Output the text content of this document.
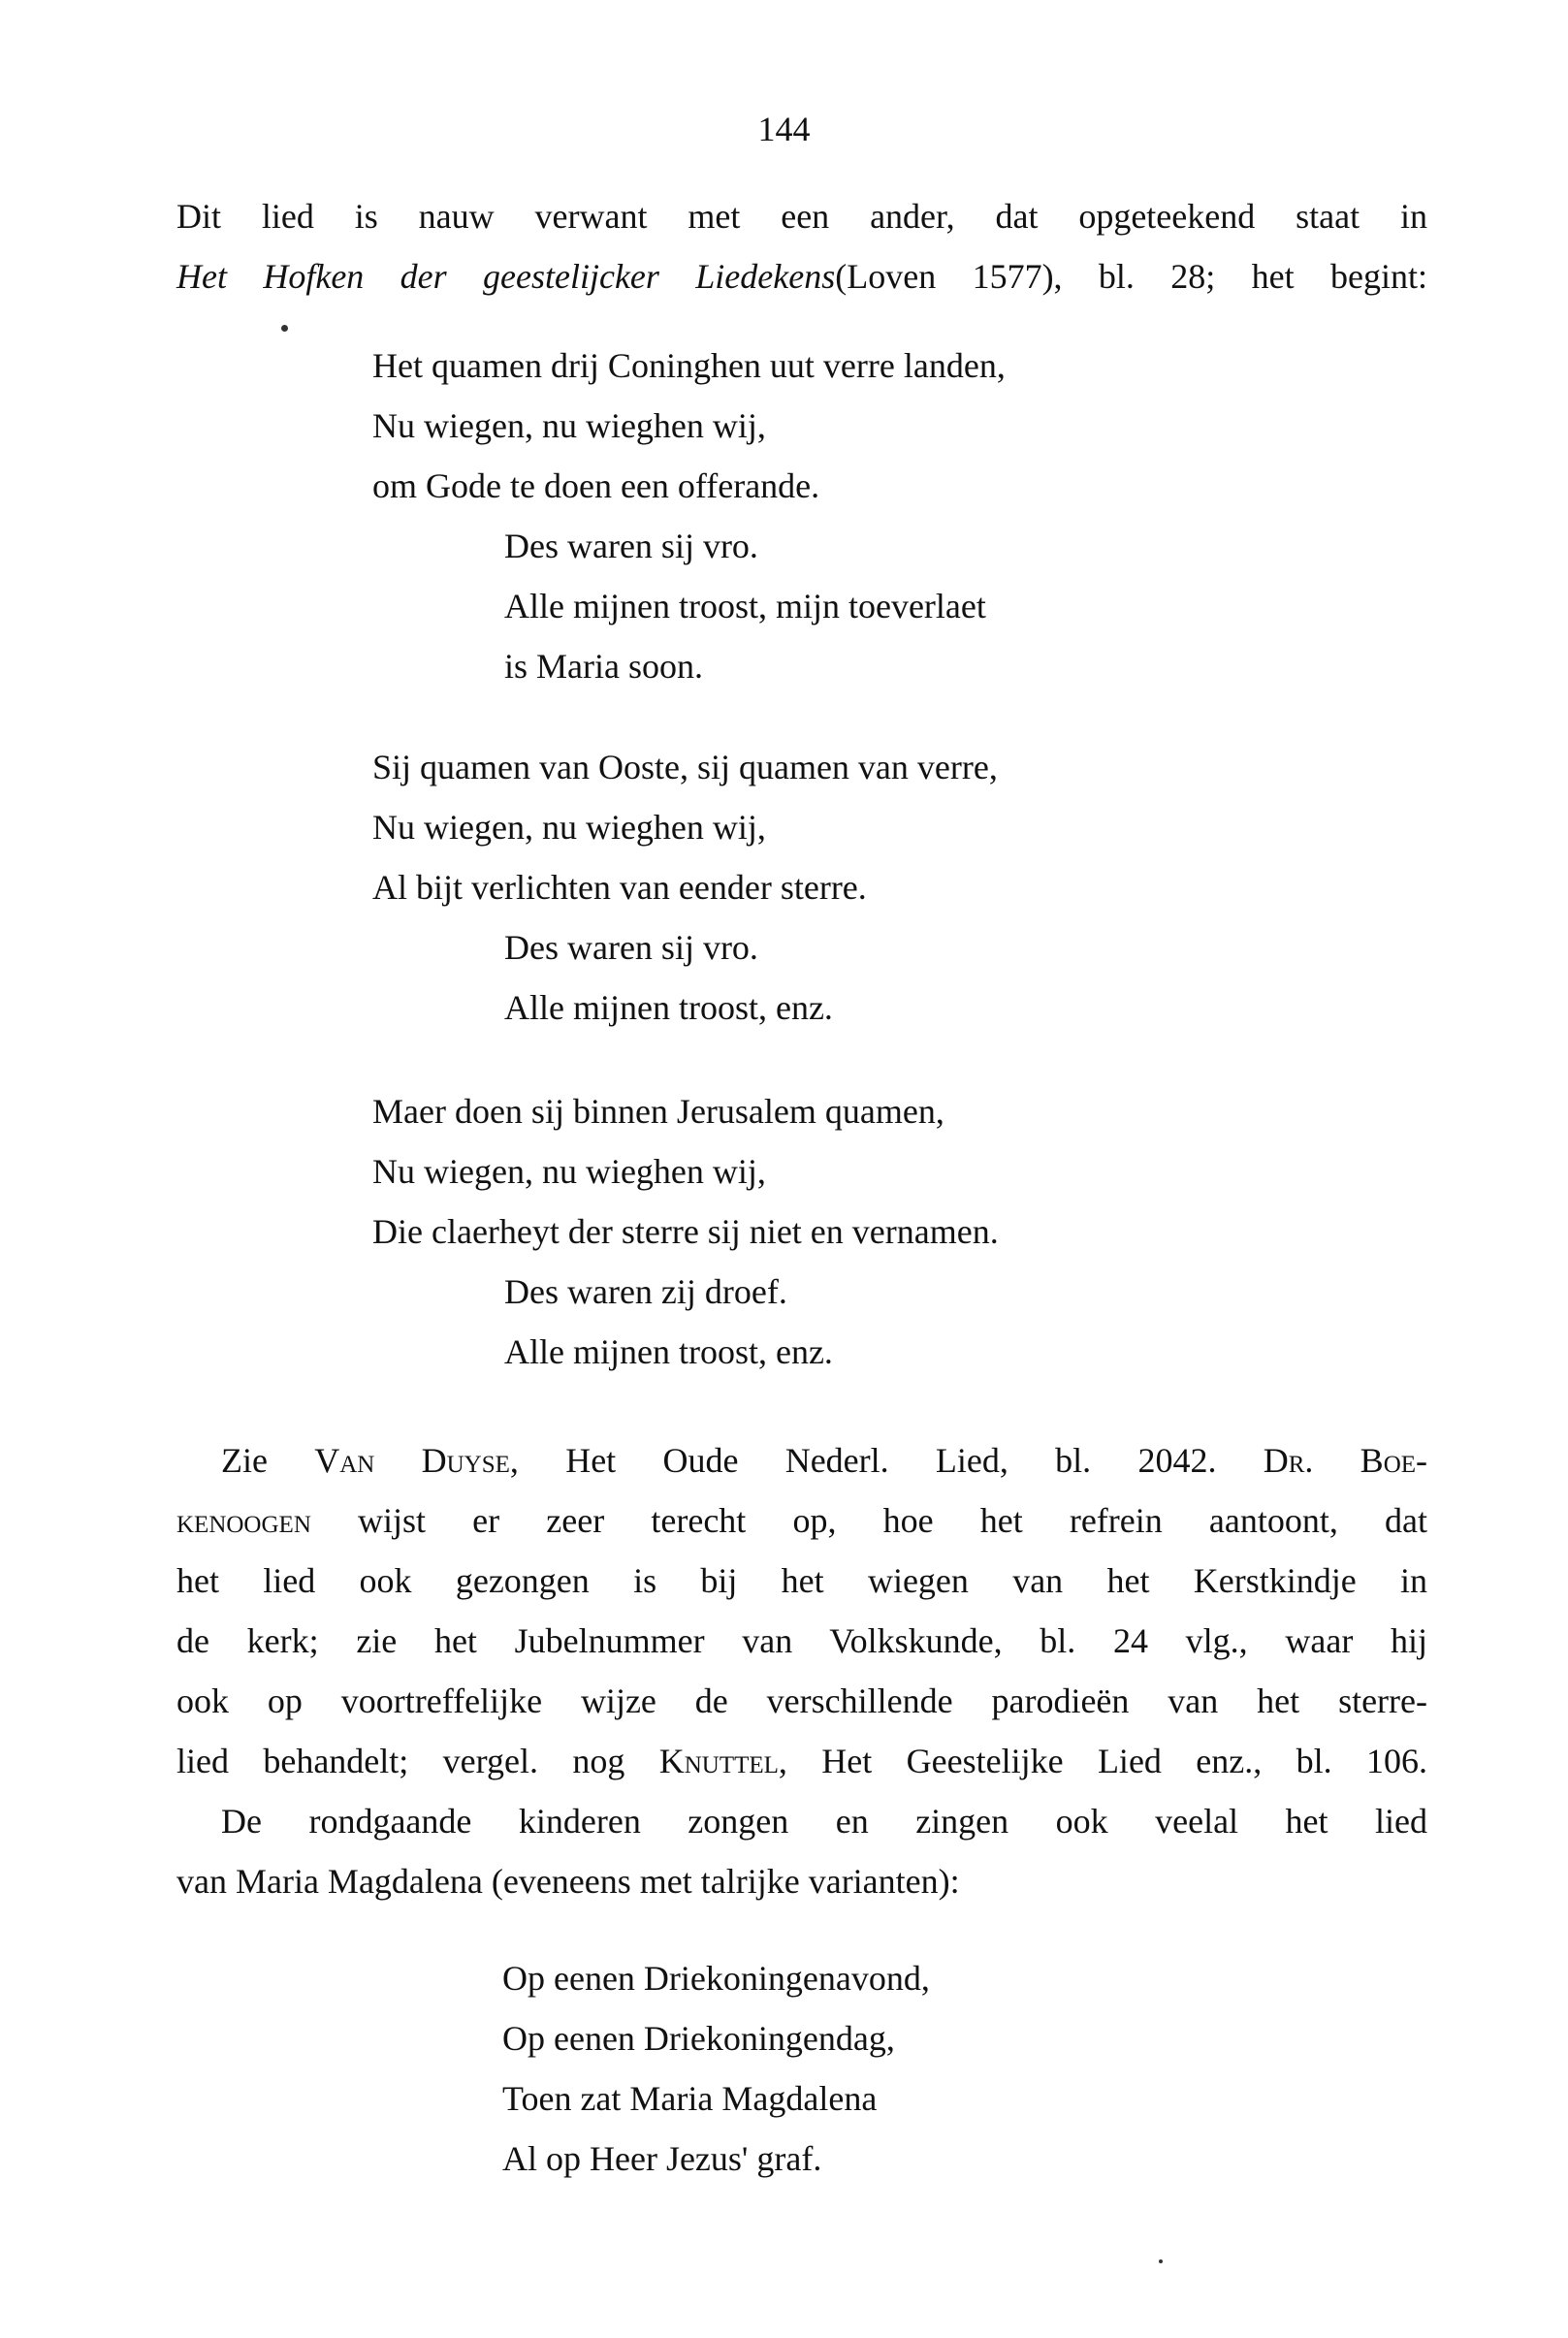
144
Dit lied is nauw verwant met een ander, dat opgeteekend staat in
Het Hofken der geestelijcker Liedekens(Loven 1577), bl. 28; het begint:
Het quamen drij Coninghen uut verre landen,
Nu wiegen, nu wieghen wij,
om Gode te doen een offerande.
Des waren sij vro.
Alle mijnen troost, mijn toeverlaet
is Maria soon.
Sij quamen van Ooste, sij quamen van verre,
Nu wiegen, nu wieghen wij,
Al bijt verlichten van eender sterre.
Des waren sij vro.
Alle mijnen troost, enz.
Maer doen sij binnen Jerusalem quamen,
Nu wiegen, nu wieghen wij,
Die claerheyt der sterre sij niet en vernamen.
Des waren zij droef.
Alle mijnen troost, enz.
Zie Van Duyse, Het Oude Nederl. Lied, bl. 2042. Dr. Boe-
kenoogen wijst er zeer terecht op, hoe het refrein aantoont, dat
het lied ook gezongen is bij het wiegen van het Kerstkindje in
de kerk; zie het Jubelnummer van Volkskunde, bl. 24 vlg., waar hij
ook op voortreffelijke wijze de verschillende parodieën van het sterre-
lied behandelt; vergel. nog Knuttel, Het Geestelijke Lied enz., bl. 106.
De rondgaande kinderen zongen en zingen ook veelal het lied
van Maria Magdalena (eveneens met talrijke varianten):
Op eenen Driekoningenavond,
Op eenen Driekoningendag,
Toen zat Maria Magdalena
Al op Heer Jezus' graf.
